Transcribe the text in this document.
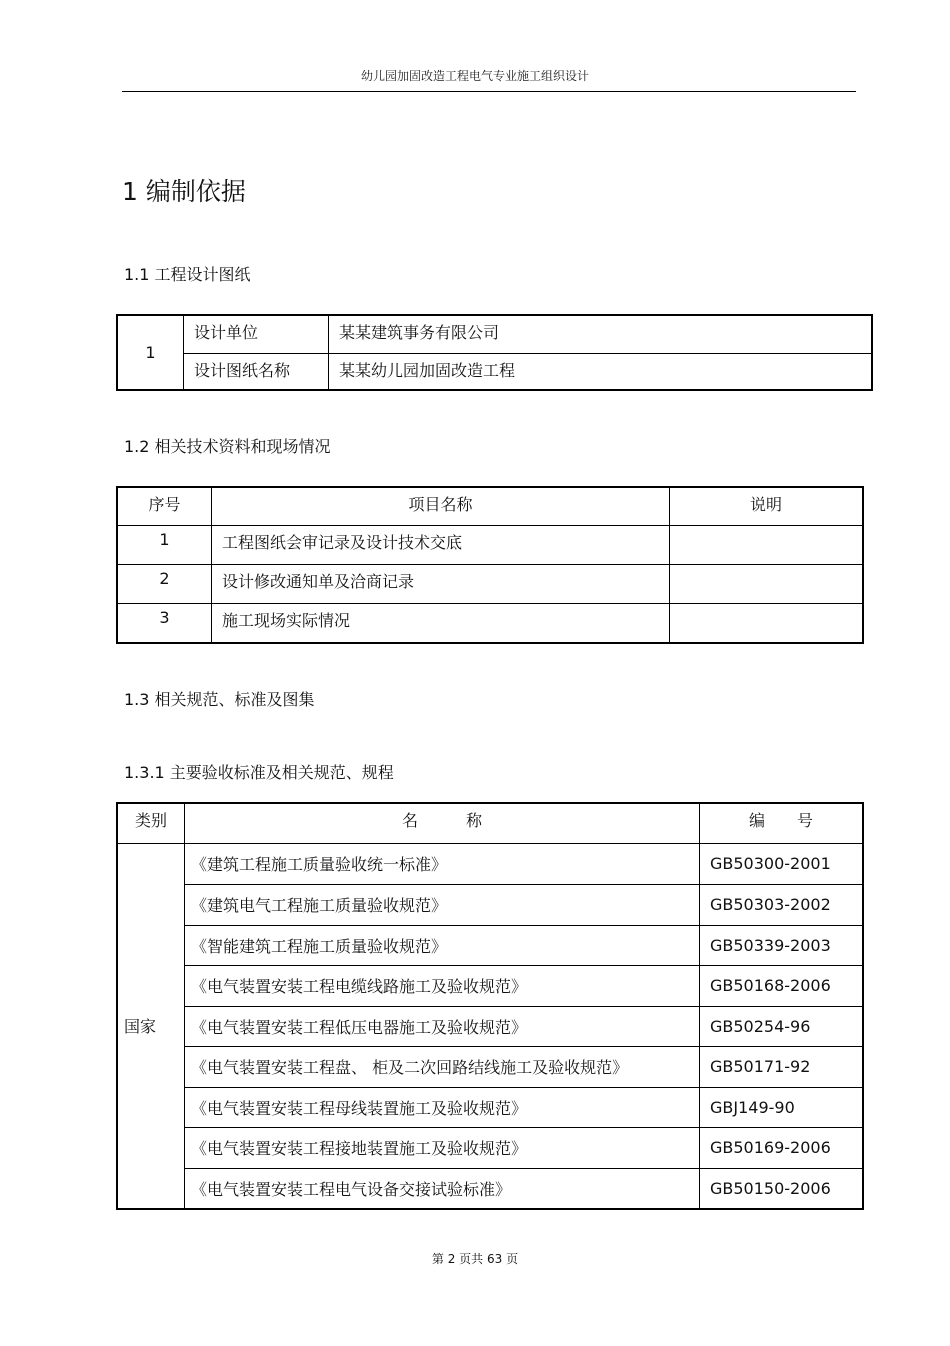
幼儿园加固改造工程电气专业施工组织设计
1 编制依据
1.1 工程设计图纸
1	设计单位	某某建筑事务有限公司
	设计图纸名称	某某幼儿园加固改造工程
1.2 相关技术资料和现场情况
序号	项目名称	说明
1	工程图纸会审记录及设计技术交底	
2	设计修改通知单及洽商记录	
3	施工现场实际情况	
1.3 相关规范、标准及图集
1.3.1 主要验收标准及相关规范、规程
类别	名　　　称	编　　号
国家	《建筑工程施工质量验收统一标准》	GB50300-2001
	《建筑电气工程施工质量验收规范》	GB50303-2002
	《智能建筑工程施工质量验收规范》	GB50339-2003
	《电气装置安装工程电缆线路施工及验收规范》	GB50168-2006
	《电气装置安装工程低压电器施工及验收规范》	GB50254-96
	《电气装置安装工程盘、 柜及二次回路结线施工及验收规范》	GB50171-92
	《电气装置安装工程母线装置施工及验收规范》	GBJ149-90
	《电气装置安装工程接地装置施工及验收规范》	GB50169-2006
	《电气装置安装工程电气设备交接试验标准》	GB50150-2006
第 2 页共 63 页
